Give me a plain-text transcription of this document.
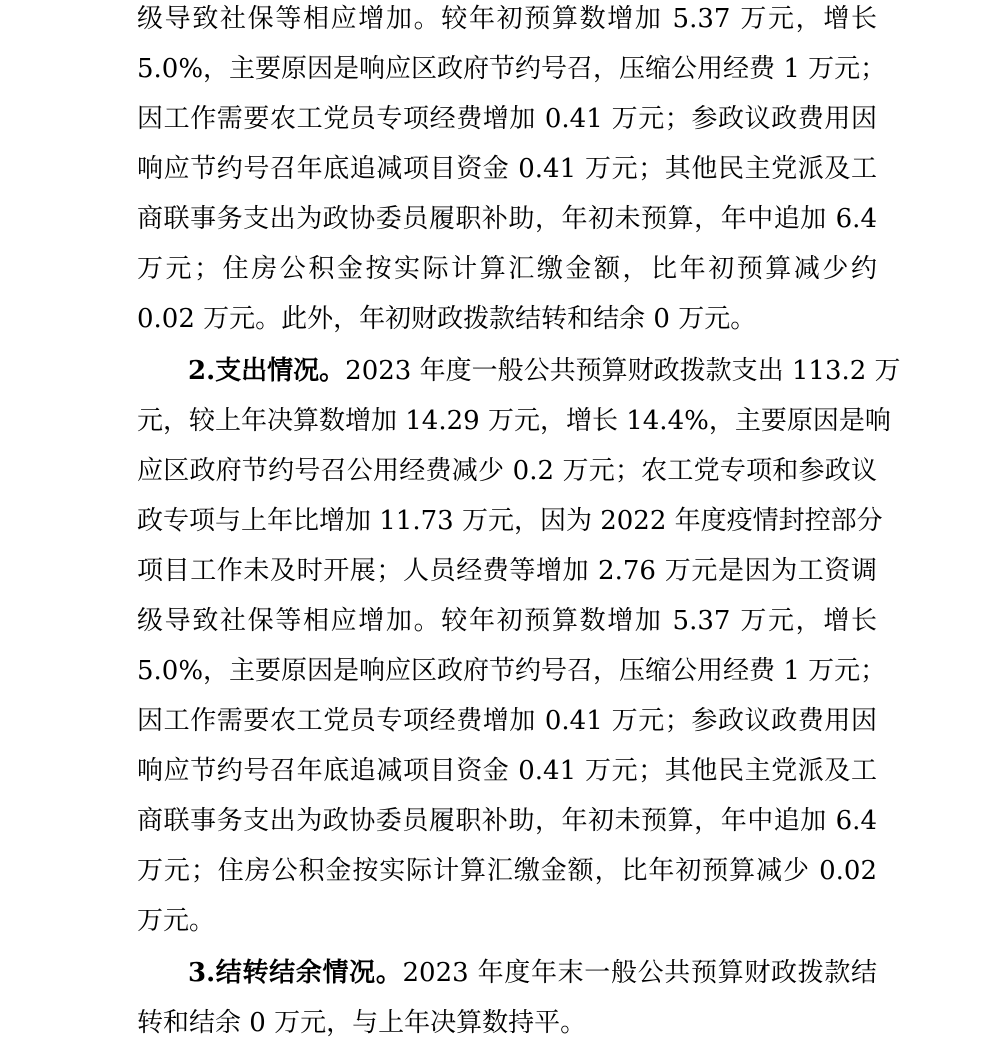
级导致社保等相应增加。较年初预算数增加 5.37 万元，增长
5.0%，主要原因是响应区政府节约号召，压缩公用经费 1 万元；
因工作需要农工党员专项经费增加 0.41 万元；参政议政费用因
响应节约号召年底追减项目资金 0.41 万元；其他民主党派及工
商联事务支出为政协委员履职补助，年初未预算，年中追加 6.4
万元；住房公积金按实际计算汇缴金额，比年初预算减少约
0.02 万元。此外，年初财政拨款结转和结余 0 万元。
2.支出情况。2023 年度一般公共预算财政拨款支出 113.2 万
元，较上年决算数增加 14.29 万元，增长 14.4%，主要原因是响
应区政府节约号召公用经费减少 0.2 万元；农工党专项和参政议
政专项与上年比增加 11.73 万元，因为 2022 年度疫情封控部分
项目工作未及时开展；人员经费等增加 2.76 万元是因为工资调
级导致社保等相应增加。较年初预算数增加 5.37 万元，增长
5.0%，主要原因是响应区政府节约号召，压缩公用经费 1 万元；
因工作需要农工党员专项经费增加 0.41 万元；参政议政费用因
响应节约号召年底追减项目资金 0.41 万元；其他民主党派及工
商联事务支出为政协委员履职补助，年初未预算，年中追加 6.4
万元；住房公积金按实际计算汇缴金额，比年初预算减少 0.02
万元。
3.结转结余情况。2023 年度年末一般公共预算财政拨款结
转和结余 0 万元，与上年决算数持平。
